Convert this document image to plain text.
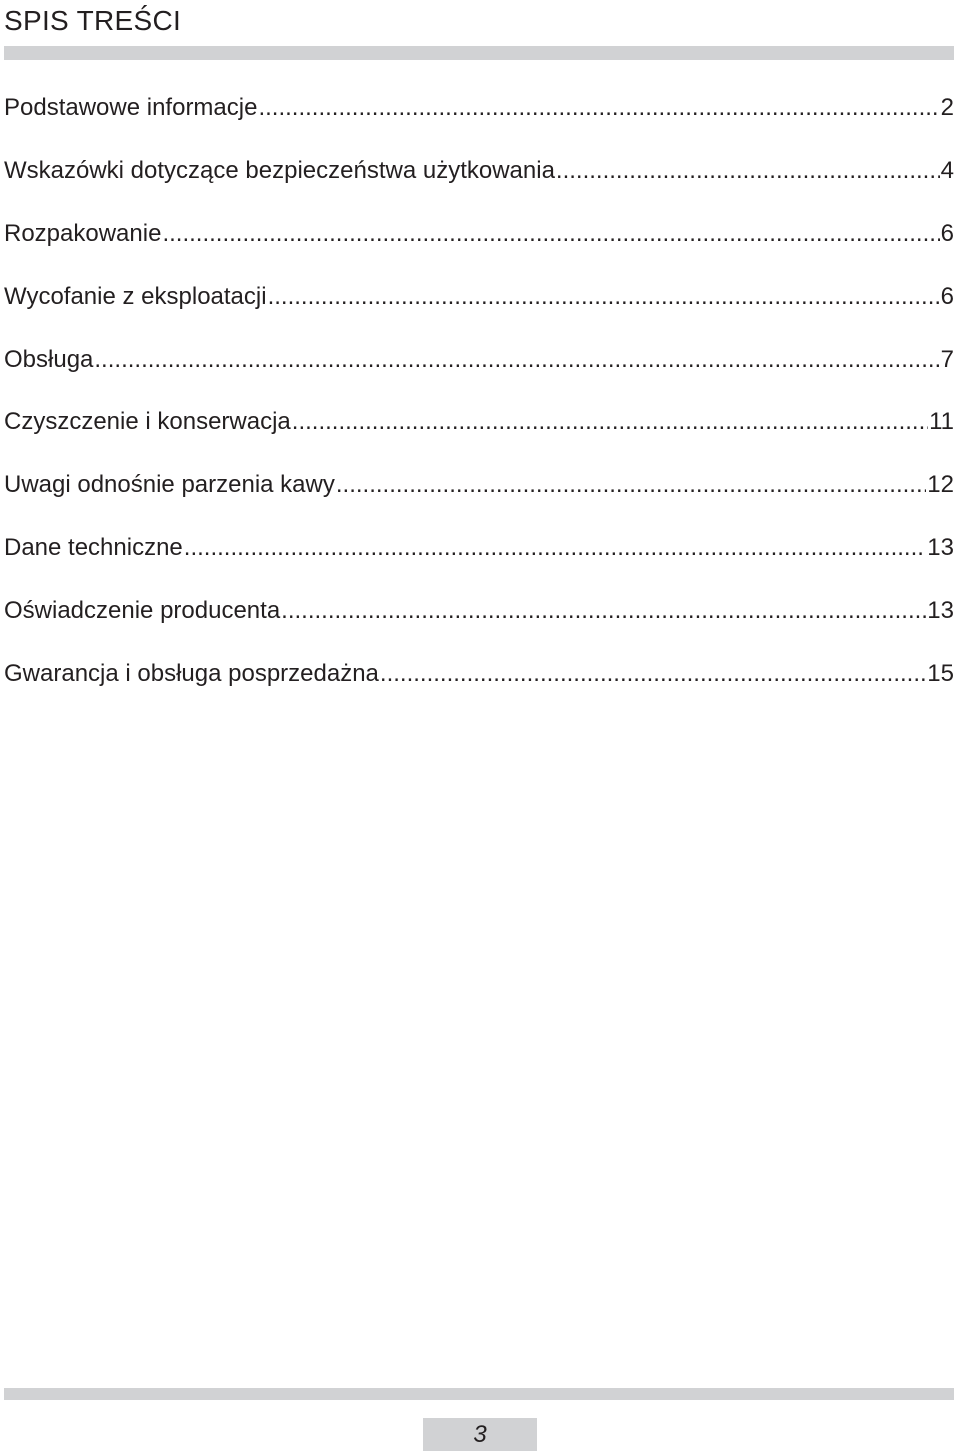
SPIS TREŚCI
Podstawowe informacje .....	2
Wskazówki dotyczące bezpieczeństwa użytkowania .....	4
Rozpakowanie .....	6
Wycofanie z eksploatacji .....	6
Obsługa .....	7
Czyszczenie i konserwacja .....	11
Uwagi odnośnie parzenia kawy .....	12
Dane techniczne .....	13
Oświadczenie producenta .....	13
Gwarancja i obsługa posprzedażna .....	15
3
